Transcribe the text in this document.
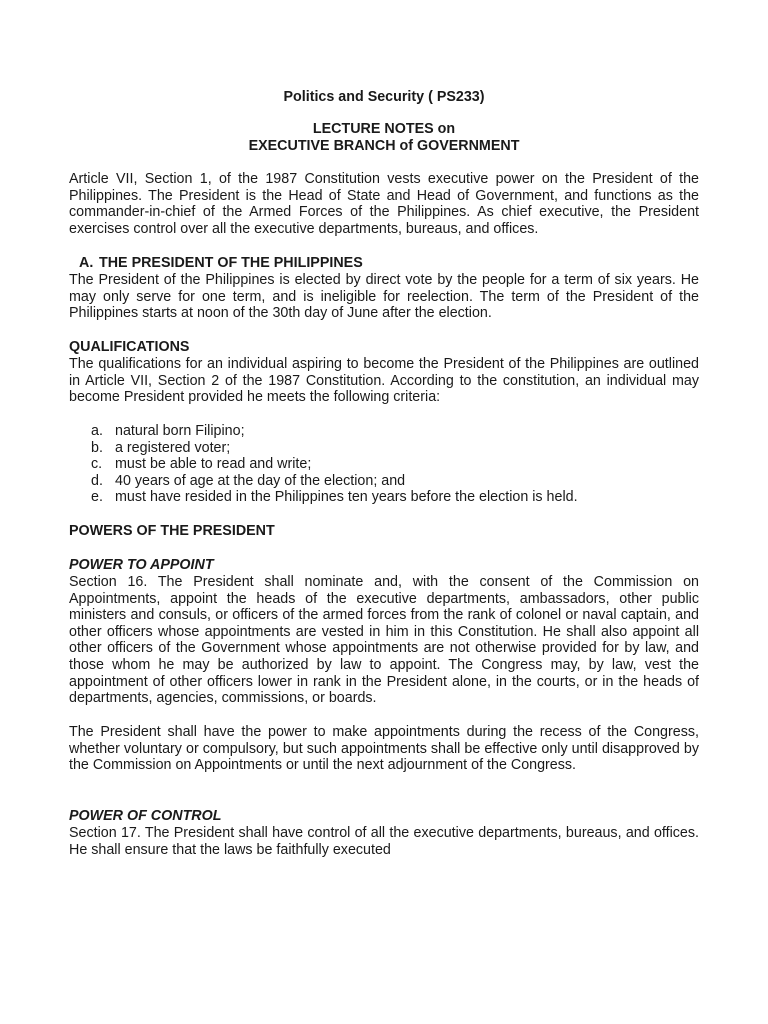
Politics and Security ( PS233)
LECTURE NOTES on
EXECUTIVE BRANCH of GOVERNMENT
Article VII, Section 1, of the 1987 Constitution vests executive power on the President of the Philippines. The President is the Head of State and Head of Government, and functions as the commander-in-chief of the Armed Forces of the Philippines. As chief executive, the President exercises control over all the executive departments, bureaus, and offices.
A. THE PRESIDENT OF THE PHILIPPINES
The President of the Philippines is elected by direct vote by the people for a term of six years. He may only serve for one term, and is ineligible for reelection. The term of the President of the Philippines starts at noon of the 30th day of June after the election.
QUALIFICATIONS
The qualifications for an individual aspiring to become the President of the Philippines are outlined in Article VII, Section 2 of the 1987 Constitution. According to the constitution, an individual may become President provided he meets the following criteria:
a. natural born Filipino;
b. a registered voter;
c. must be able to read and write;
d. 40 years of age at the day of the election; and
e. must have resided in the Philippines ten years before the election is held.
POWERS OF THE PRESIDENT
POWER TO APPOINT
Section 16. The President shall nominate and, with the consent of the Commission on Appointments, appoint the heads of the executive departments, ambassadors, other public ministers and consuls, or officers of the armed forces from the rank of colonel or naval captain, and other officers whose appointments are vested in him in this Constitution. He shall also appoint all other officers of the Government whose appointments are not otherwise provided for by law, and those whom he may be authorized by law to appoint. The Congress may, by law, vest the appointment of other officers lower in rank in the President alone, in the courts, or in the heads of departments, agencies, commissions, or boards.
The President shall have the power to make appointments during the recess of the Congress, whether voluntary or compulsory, but such appointments shall be effective only until disapproved by the Commission on Appointments or until the next adjournment of the Congress.
POWER OF CONTROL
Section 17. The President shall have control of all the executive departments, bureaus, and offices. He shall ensure that the laws be faithfully executed
